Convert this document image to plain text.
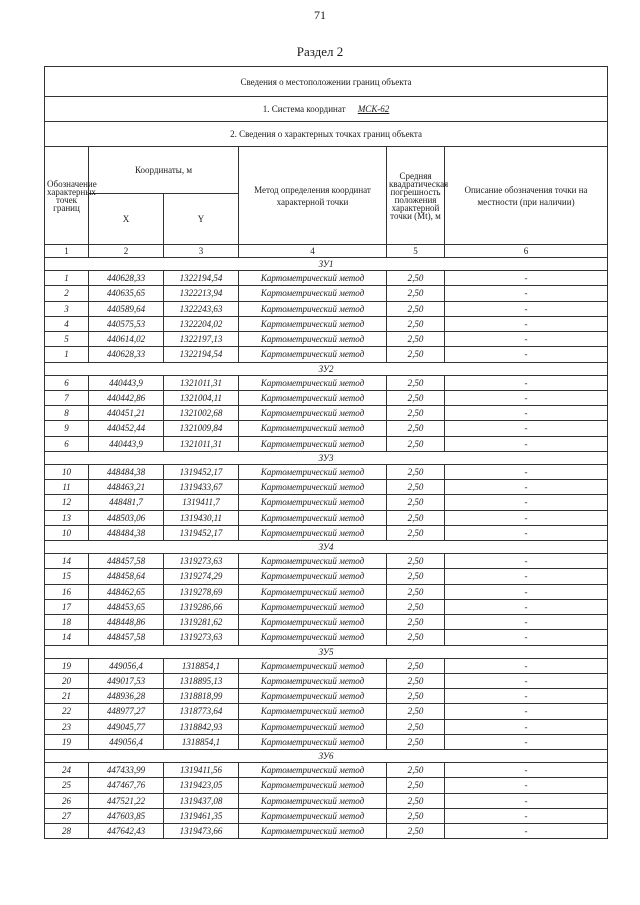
71
Раздел 2
Сведения о местоположении границ объекта					
1. Система координат МСК-62					
2. Сведения о характерных точках границ объекта					
Обозначение характерных точек границ	Координаты, м		Метод определения координат характерной точки	Средняя квадратическая погрешность положения характерной точки (Mt), м	Описание обозначения точки на местности (при наличии)
	X	Y			
1	2	3	4	5	6
ЗУ1					
1	440628,33	1322194,54	Картометрический метод	2,50	-
2	440635,65	1322213,94	Картометрический метод	2,50	-
3	440589,64	1322243,63	Картометрический метод	2,50	-
4	440575,53	1322204,02	Картометрический метод	2,50	-
5	440614,02	1322197,13	Картометрический метод	2,50	-
1	440628,33	1322194,54	Картометрический метод	2,50	-
ЗУ2					
6	440443,9	1321011,31	Картометрический метод	2,50	-
7	440442,86	1321004,11	Картометрический метод	2,50	-
8	440451,21	1321002,68	Картометрический метод	2,50	-
9	440452,44	1321009,84	Картометрический метод	2,50	-
6	440443,9	1321011,31	Картометрический метод	2,50	-
ЗУ3					
10	448484,38	1319452,17	Картометрический метод	2,50	-
11	448463,21	1319433,67	Картометрический метод	2,50	-
12	448481,7	1319411,7	Картометрический метод	2,50	-
13	448503,06	1319430,11	Картометрический метод	2,50	-
10	448484,38	1319452,17	Картометрический метод	2,50	-
ЗУ4					
14	448457,58	1319273,63	Картометрический метод	2,50	-
15	448458,64	1319274,29	Картометрический метод	2,50	-
16	448462,65	1319278,69	Картометрический метод	2,50	-
17	448453,65	1319286,66	Картометрический метод	2,50	-
18	448448,86	1319281,62	Картометрический метод	2,50	-
14	448457,58	1319273,63	Картометрический метод	2,50	-
ЗУ5					
19	449056,4	1318854,1	Картометрический метод	2,50	-
20	449017,53	1318895,13	Картометрический метод	2,50	-
21	448936,28	1318818,99	Картометрический метод	2,50	-
22	448977,27	1318773,64	Картометрический метод	2,50	-
23	449045,77	1318842,93	Картометрический метод	2,50	-
19	449056,4	1318854,1	Картометрический метод	2,50	-
ЗУ6					
24	447433,99	1319411,56	Картометрический метод	2,50	-
25	447467,76	1319423,05	Картометрический метод	2,50	-
26	447521,22	1319437,08	Картометрический метод	2,50	-
27	447603,85	1319461,35	Картометрический метод	2,50	-
28	447642,43	1319473,66	Картометрический метод	2,50	-
